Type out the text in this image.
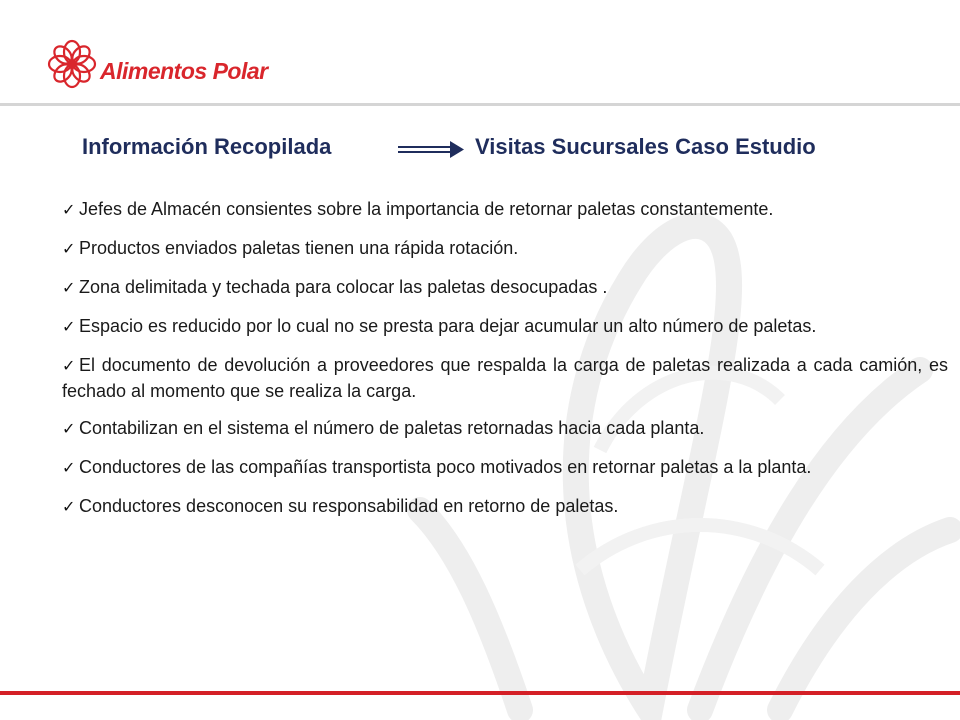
Alimentos Polar
Información Recopilada	Visitas Sucursales Caso Estudio
✓ Jefes de Almacén consientes sobre la importancia de retornar paletas constantemente.
✓ Productos enviados paletas tienen una rápida rotación.
✓ Zona delimitada y techada para colocar las paletas desocupadas .
✓ Espacio es reducido por lo cual no se presta para dejar acumular un alto número de paletas.
✓ El documento de devolución a proveedores que respalda la carga de paletas realizada a cada camión, es fechado al momento que se realiza la carga.
✓ Contabilizan en el sistema el número de paletas retornadas hacia cada planta.
✓ Conductores de las compañías transportista poco motivados en retornar paletas a la planta.
✓ Conductores desconocen su responsabilidad en retorno de paletas.
